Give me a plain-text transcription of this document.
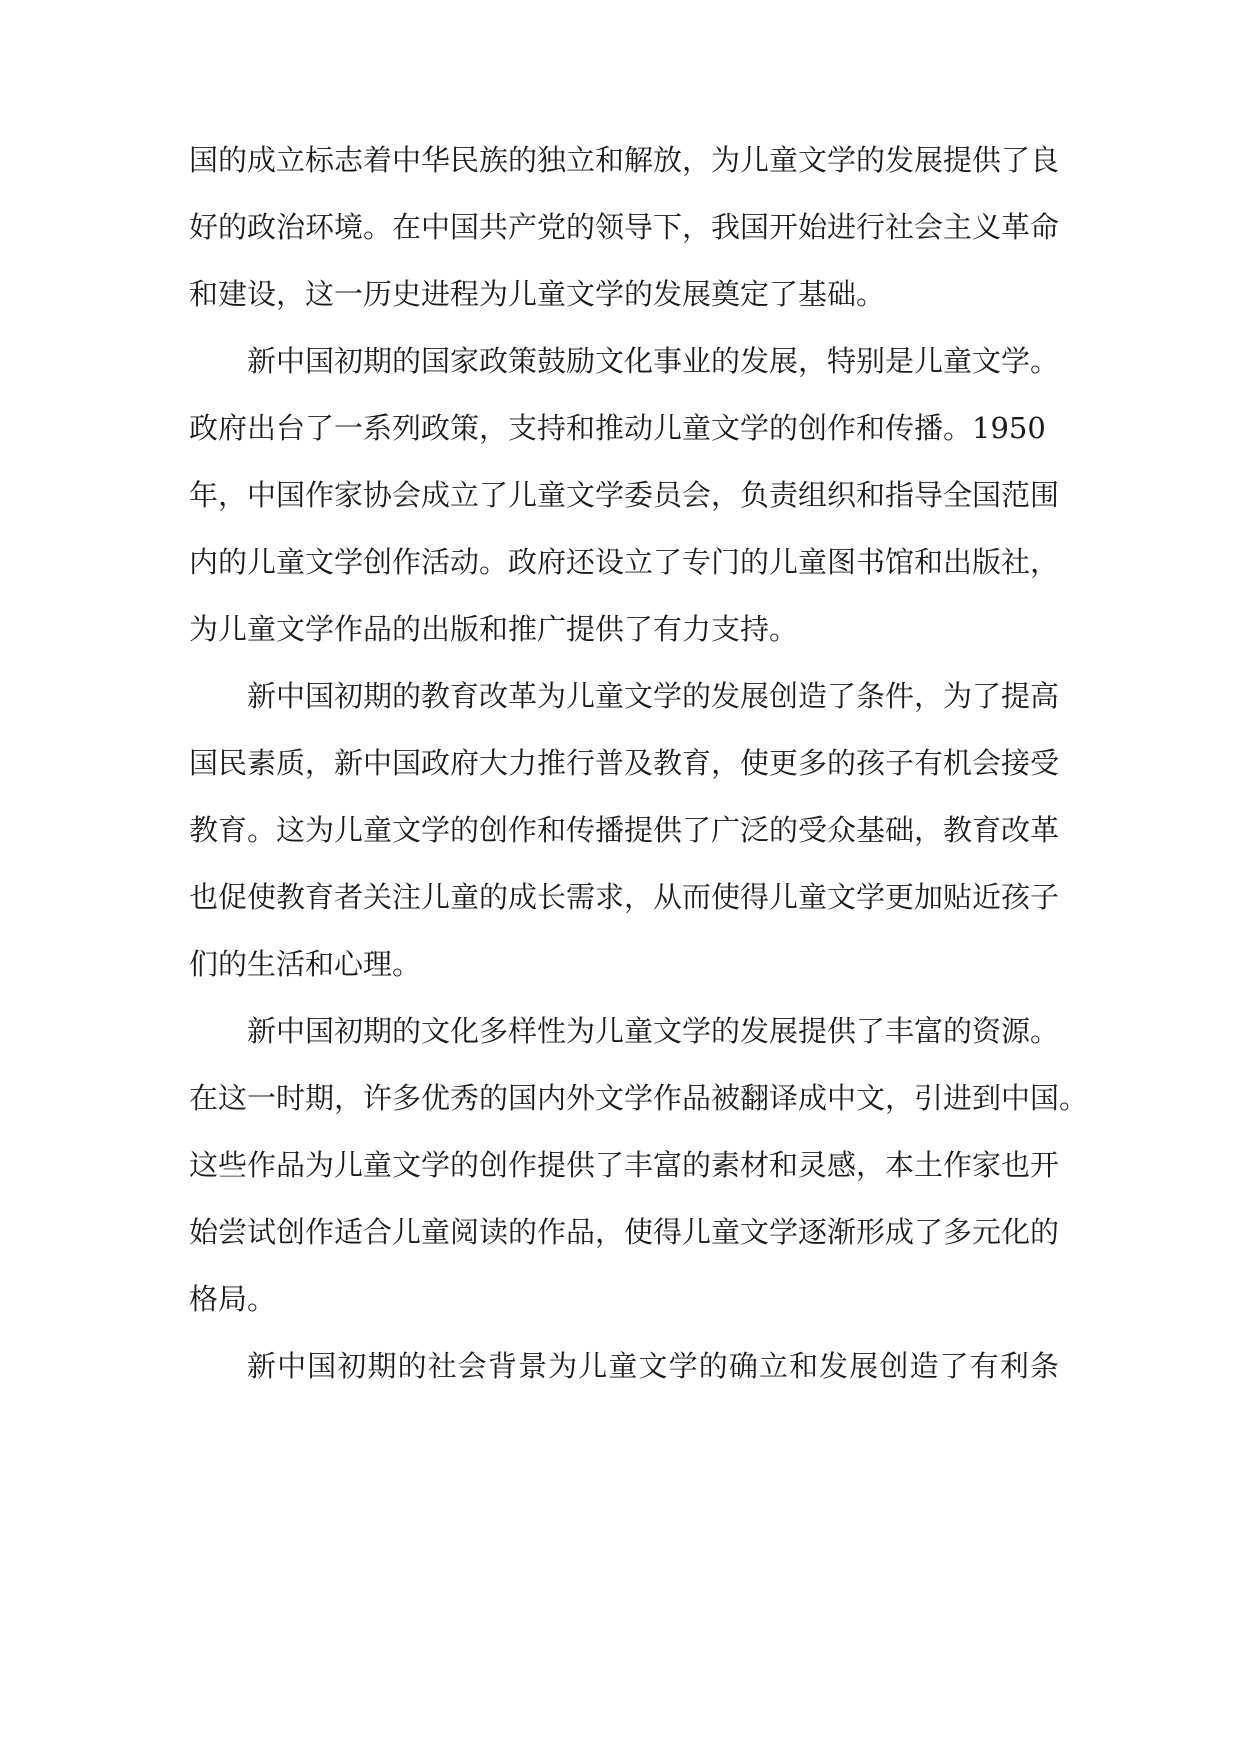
国的成立标志着中华民族的独立和解放，为儿童文学的发展提供了良
好的政治环境。在中国共产党的领导下，我国开始进行社会主义革命
和建设，这一历史进程为儿童文学的发展奠定了基础。
新中国初期的国家政策鼓励文化事业的发展，特别是儿童文学。
政府出台了一系列政策，支持和推动儿童文学的创作和传播。1950
年，中国作家协会成立了儿童文学委员会，负责组织和指导全国范围
内的儿童文学创作活动。政府还设立了专门的儿童图书馆和出版社，
为儿童文学作品的出版和推广提供了有力支持。
新中国初期的教育改革为儿童文学的发展创造了条件，为了提高
国民素质，新中国政府大力推行普及教育，使更多的孩子有机会接受
教育。这为儿童文学的创作和传播提供了广泛的受众基础，教育改革
也促使教育者关注儿童的成长需求，从而使得儿童文学更加贴近孩子
们的生活和心理。
新中国初期的文化多样性为儿童文学的发展提供了丰富的资源。
在这一时期，许多优秀的国内外文学作品被翻译成中文，引进到中国。
这些作品为儿童文学的创作提供了丰富的素材和灵感，本土作家也开
始尝试创作适合儿童阅读的作品，使得儿童文学逐渐形成了多元化的
格局。
新中国初期的社会背景为儿童文学的确立和发展创造了有利条
